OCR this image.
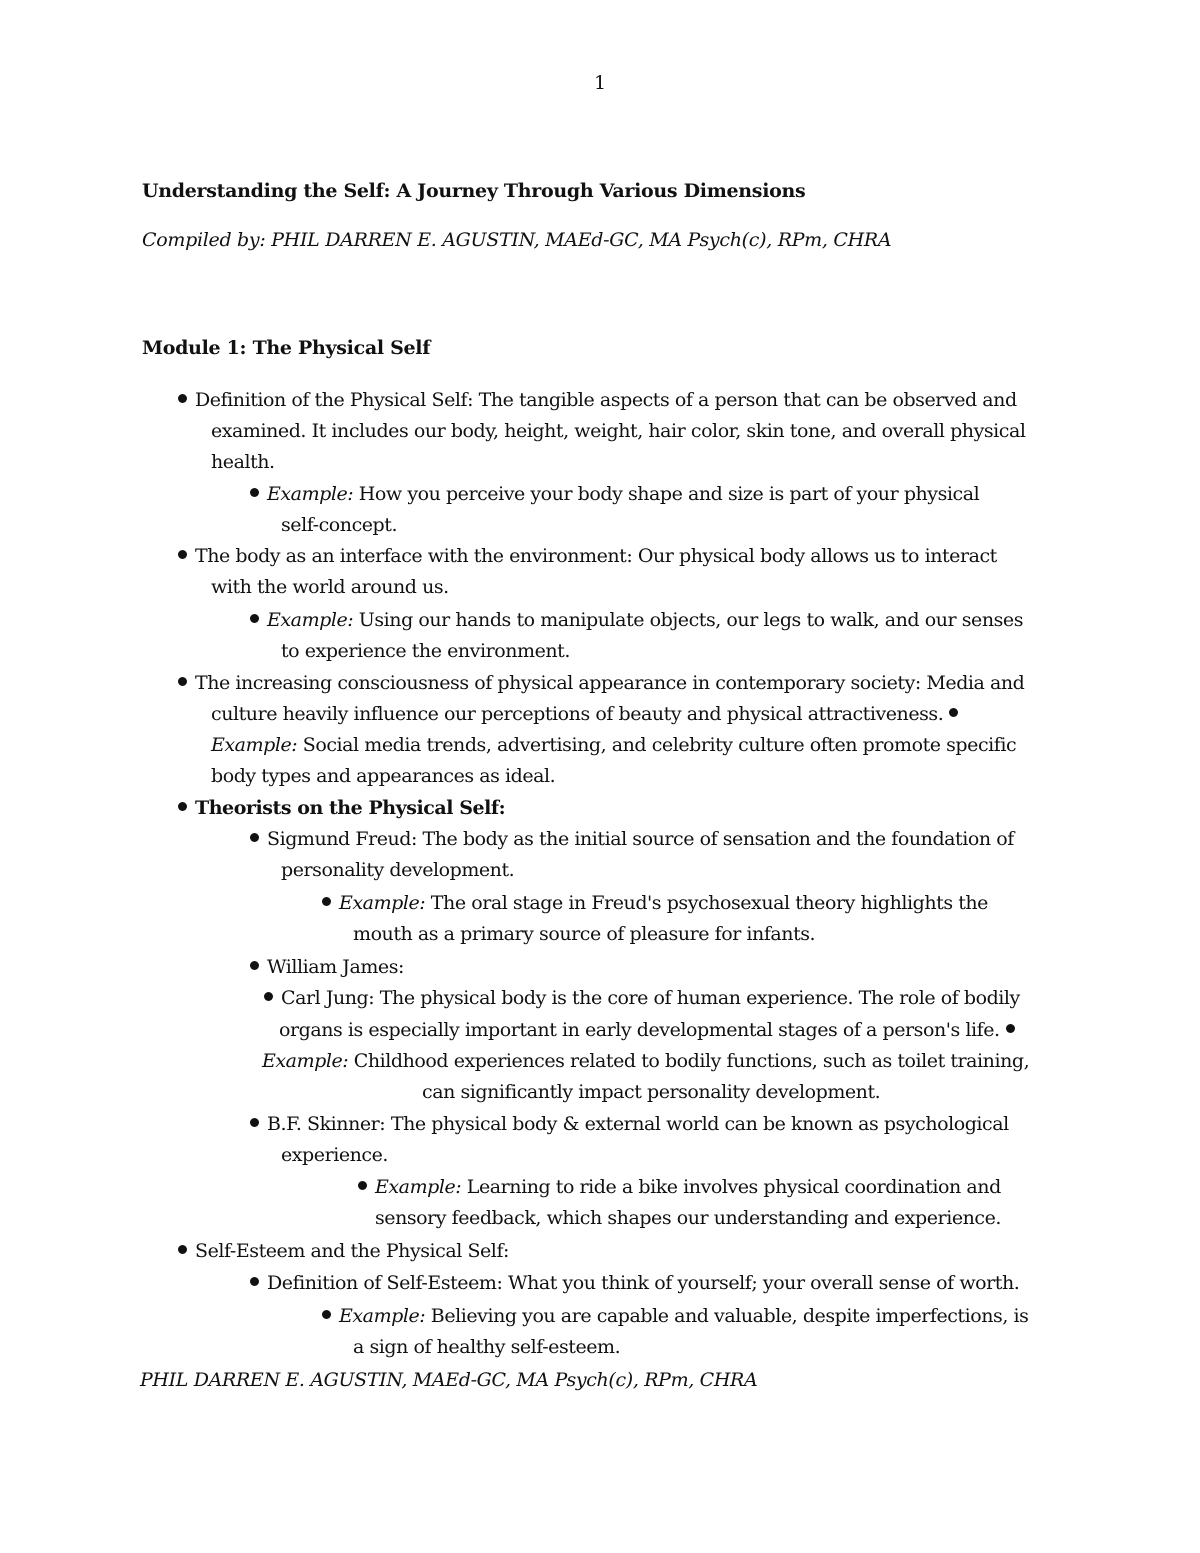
1
Understanding the Self: A Journey Through Various Dimensions
Compiled by: PHIL DARREN E. AGUSTIN, MAEd-GC, MA Psych(c), RPm, CHRA
Module 1: The Physical Self
Definition of the Physical Self: The tangible aspects of a person that can be observed and
examined. It includes our body, height, weight, hair color, skin tone, and overall physical
health.
Example: How you perceive your body shape and size is part of your physical
self-concept.
The body as an interface with the environment: Our physical body allows us to interact
with the world around us.
Example: Using our hands to manipulate objects, our legs to walk, and our senses
to experience the environment.
The increasing consciousness of physical appearance in contemporary society: Media and
culture heavily influence our perceptions of beauty and physical attractiveness.
Example: Social media trends, advertising, and celebrity culture often promote specific
body types and appearances as ideal.
Theorists on the Physical Self:
Sigmund Freud: The body as the initial source of sensation and the foundation of
personality development.
Example: The oral stage in Freud's psychosexual theory highlights the
mouth as a primary source of pleasure for infants.
William James:
Carl Jung: The physical body is the core of human experience. The role of bodily
organs is especially important in early developmental stages of a person's life.
Example: Childhood experiences related to bodily functions, such as toilet training,
can significantly impact personality development.
B.F. Skinner: The physical body & external world can be known as psychological
experience.
Example: Learning to ride a bike involves physical coordination and
sensory feedback, which shapes our understanding and experience.
Self-Esteem and the Physical Self:
Definition of Self-Esteem: What you think of yourself; your overall sense of worth.
Example: Believing you are capable and valuable, despite imperfections, is
a sign of healthy self-esteem.
PHIL DARREN E. AGUSTIN, MAEd-GC, MA Psych(c), RPm, CHRA
